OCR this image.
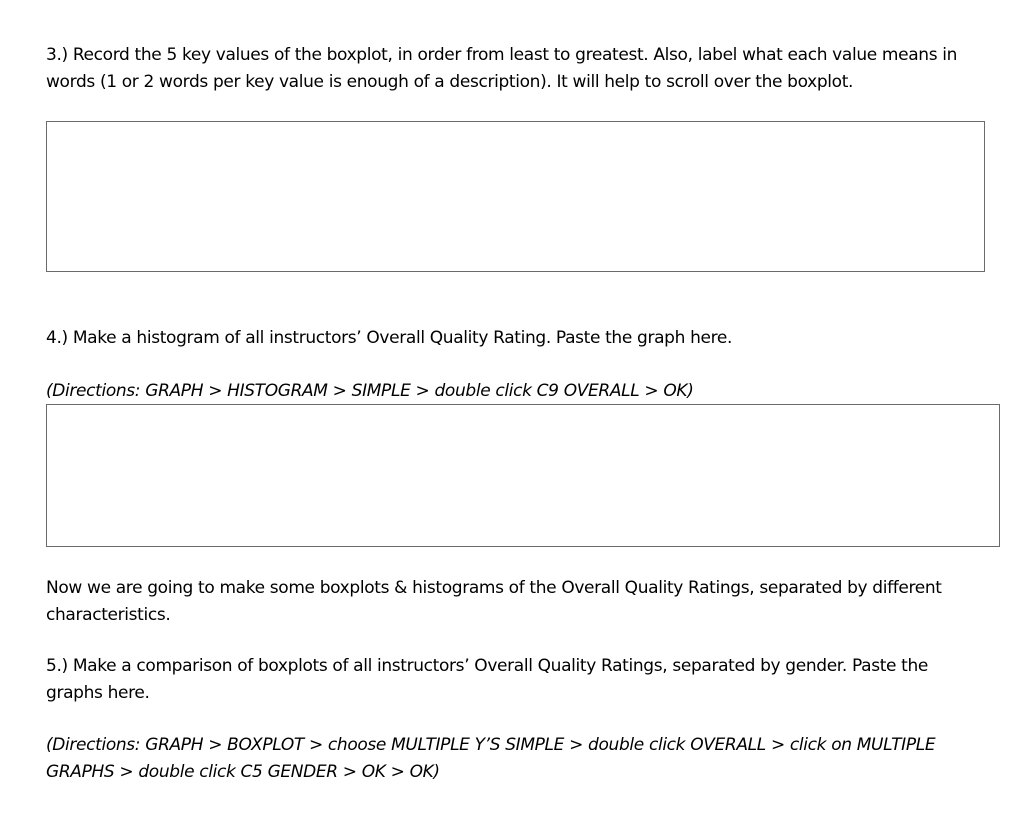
3.) Record the 5 key values of the boxplot, in order from least to greatest. Also, label what each value means in words (1 or 2 words per key value is enough of a description). It will help to scroll over the boxplot.

4.) Make a histogram of all instructors’ Overall Quality Rating. Paste the graph here.

(Directions: GRAPH > HISTOGRAM > SIMPLE > double click C9 OVERALL > OK)

Now we are going to make some boxplots & histograms of the Overall Quality Ratings, separated by different characteristics.

5.) Make a comparison of boxplots of all instructors’ Overall Quality Ratings, separated by gender. Paste the graphs here.

(Directions: GRAPH > BOXPLOT > choose MULTIPLE Y’S SIMPLE > double click OVERALL > click on MULTIPLE GRAPHS > double click C5 GENDER > OK > OK)
